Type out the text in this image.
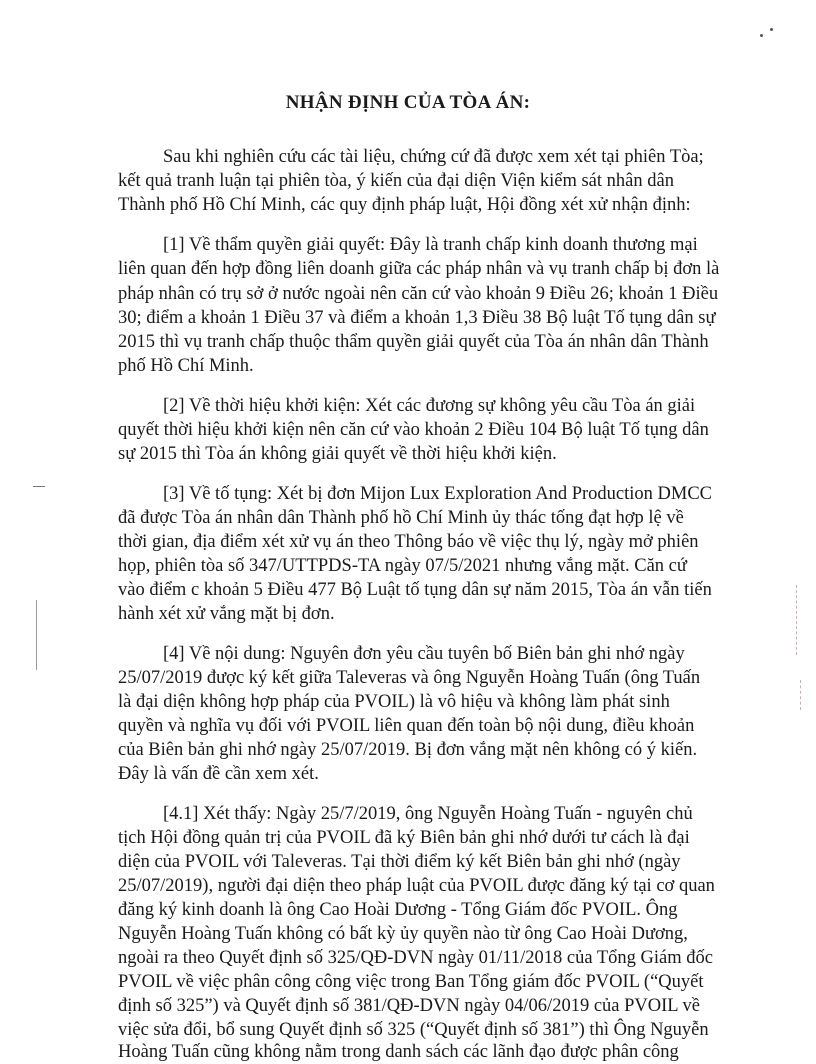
NHẬN ĐỊNH CỦA TÒA ÁN:
Sau khi nghiên cứu các tài liệu, chứng cứ đã được xem xét tại phiên Tòa;
kết quả tranh luận tại phiên tòa, ý kiến của đại diện Viện kiểm sát nhân dân
Thành phố Hồ Chí Minh, các quy định pháp luật, Hội đồng xét xử nhận định:
[1] Về thẩm quyền giải quyết: Đây là tranh chấp kinh doanh thương mại
liên quan đến hợp đồng liên doanh giữa các pháp nhân và vụ tranh chấp bị đơn là
pháp nhân có trụ sở ở nước ngoài nên căn cứ vào khoản 9 Điều 26; khoản 1 Điều
30; điểm a khoản 1 Điều 37 và điểm a khoản 1,3 Điều 38 Bộ luật Tố tụng dân sự
2015 thì vụ tranh chấp thuộc thẩm quyền giải quyết của Tòa án nhân dân Thành
phố Hồ Chí Minh.
[2] Về thời hiệu khởi kiện: Xét các đương sự không yêu cầu Tòa án giải
quyết thời hiệu khởi kiện nên căn cứ vào khoản 2 Điều 104 Bộ luật Tố tụng dân
sự 2015 thì Tòa án không giải quyết về thời hiệu khởi kiện.
[3] Về tố tụng: Xét bị đơn Mijon Lux Exploration And Production DMCC
đã được Tòa án nhân dân Thành phố hồ Chí Minh ủy thác tống đạt hợp lệ về
thời gian, địa điểm xét xử vụ án theo Thông báo về việc thụ lý, ngày mở phiên
họp, phiên tòa số 347/UTTPDS-TA ngày 07/5/2021 nhưng vắng mặt. Căn cứ
vào điểm c khoản 5 Điều 477 Bộ Luật tố tụng dân sự năm 2015, Tòa án vẫn tiến
hành xét xử vắng mặt bị đơn.
[4] Về nội dung: Nguyên đơn yêu cầu tuyên bố Biên bản ghi nhớ ngày
25/07/2019 được ký kết giữa Taleveras và ông Nguyễn Hoàng Tuấn (ông Tuấn
là đại diện không hợp pháp của PVOIL) là vô hiệu và không làm phát sinh
quyền và nghĩa vụ đối với PVOIL liên quan đến toàn bộ nội dung, điều khoản
của Biên bản ghi nhớ ngày 25/07/2019. Bị đơn vắng mặt nên không có ý kiến.
Đây là vấn đề cần xem xét.
[4.1] Xét thấy: Ngày 25/7/2019, ông Nguyễn Hoàng Tuấn - nguyên chủ
tịch Hội đồng quản trị của PVOIL đã ký Biên bản ghi nhớ dưới tư cách là đại
diện của PVOIL với Taleveras. Tại thời điểm ký kết Biên bản ghi nhớ (ngày
25/07/2019), người đại diện theo pháp luật của PVOIL được đăng ký tại cơ quan
đăng ký kinh doanh là ông Cao Hoài Dương - Tổng Giám đốc PVOIL. Ông
Nguyễn Hoàng Tuấn không có bất kỳ ủy quyền nào từ ông Cao Hoài Dương,
ngoài ra theo Quyết định số 325/QĐ-DVN ngày 01/11/2018 của Tổng Giám đốc
PVOIL về việc phân công công việc trong Ban Tổng giám đốc PVOIL (“Quyết
định số 325”) và Quyết định số 381/QĐ-DVN ngày 04/06/2019 của PVOIL về
việc sửa đổi, bổ sung Quyết định số 325 (“Quyết định số 381”) thì Ông Nguyễn
Hoàng Tuấn cũng không nằm trong danh sách các lãnh đạo được phân công
